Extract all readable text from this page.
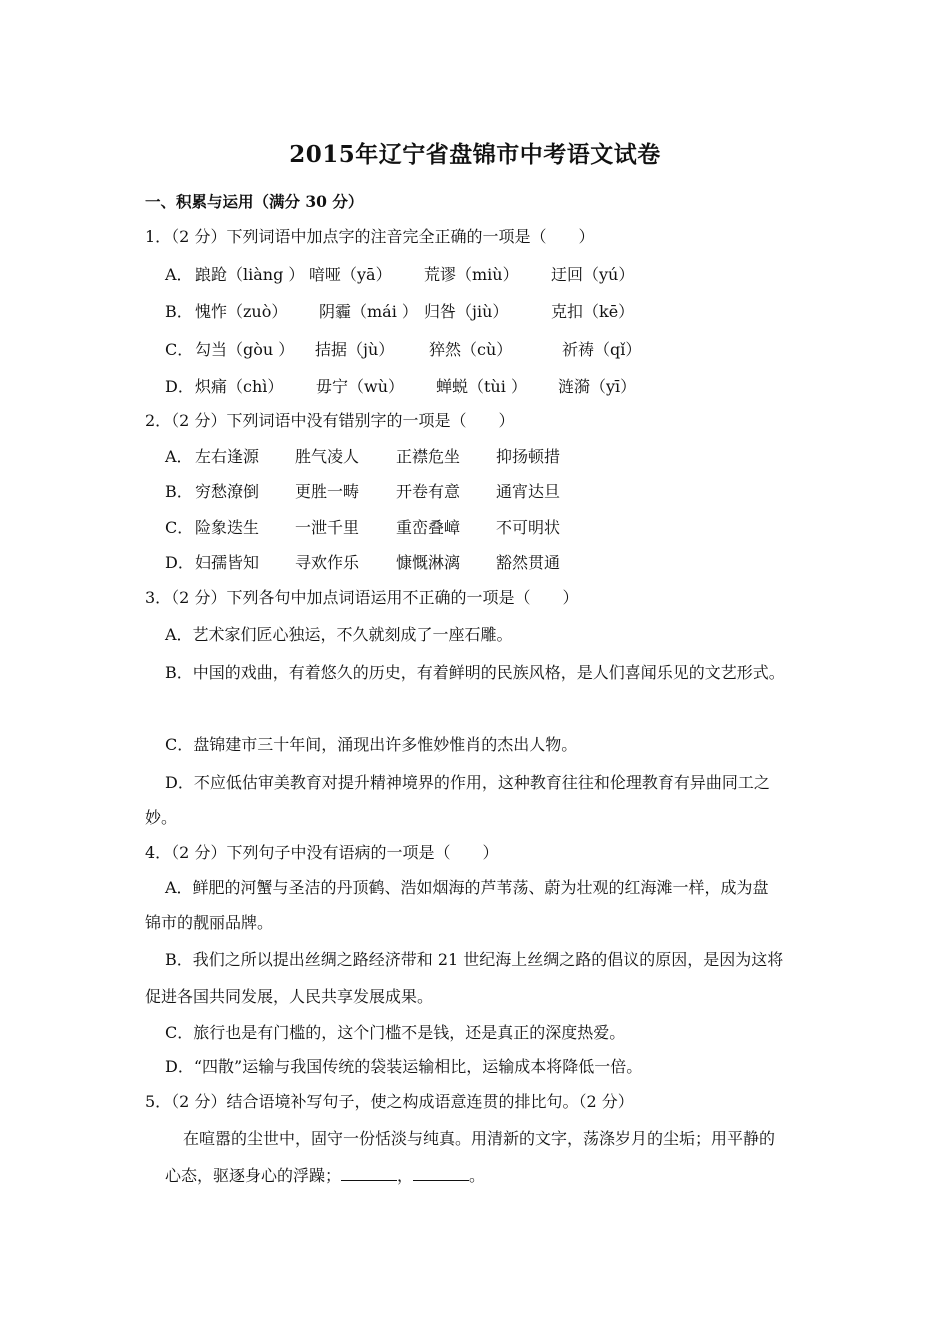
2015年辽宁省盘锦市中考语文试卷
一、积累与运用（满分 30 分）
1．（2 分）下列词语中加点字的注音完全正确的一项是（　　）
A． 踉跄（liàng ） 喑哑（yā） 荒谬（miù） 迂回（yú）
B． 愧怍（zuò） 阴霾（mái ） 归咎（jiù）	克扣（kē）
C． 勾当（gòu ） 拮据（jù） 猝然（cù）	祈祷（qǐ）
D． 炽痛（chì） 毋宁（wù） 蝉蜕（tùi ） 涟漪（yī）
2．（2 分）下列词语中没有错别字的一项是（　　）
A． 左右逢源 胜气凌人 正襟危坐 抑扬顿措
B． 穷愁潦倒 更胜一畴 开卷有意 通宵达旦
C． 险象迭生 一泄千里 重峦叠嶂 不可明状
D． 妇孺皆知 寻欢作乐 慷慨淋漓 豁然贯通
3．（2 分）下列各句中加点词语运用不正确的一项是（　　）
A．艺术家们匠心独运，不久就刻成了一座石雕。
B．中国的戏曲，有着悠久的历史，有着鲜明的民族风格，是人们喜闻乐见的文艺形式。
C．盘锦建市三十年间，涌现出许多惟妙惟肖的杰出人物。
D．不应低估审美教育对提升精神境界的作用，这种教育往往和伦理教育有异曲同工之
妙。
4．（2 分）下列句子中没有语病的一项是（　　）
A．鲜肥的河蟹与圣洁的丹顶鹤、浩如烟海的芦苇荡、蔚为壮观的红海滩一样，成为盘
锦市的靓丽品牌。
B．我们之所以提出丝绸之路经济带和 21 世纪海上丝绸之路的倡议的原因，是因为这将
促进各国共同发展，人民共享发展成果。
C．旅行也是有门槛的，这个门槛不是钱，还是真正的深度热爱。
D．“四散”运输与我国传统的袋装运输相比，运输成本将降低一倍。
5．（2 分）结合语境补写句子，使之构成语意连贯的排比句。（2 分）
在喧嚣的尘世中，固守一份恬淡与纯真。用清新的文字，荡涤岁月的尘垢；用平静的
心态，驱逐身心的浮躁；	，	。
